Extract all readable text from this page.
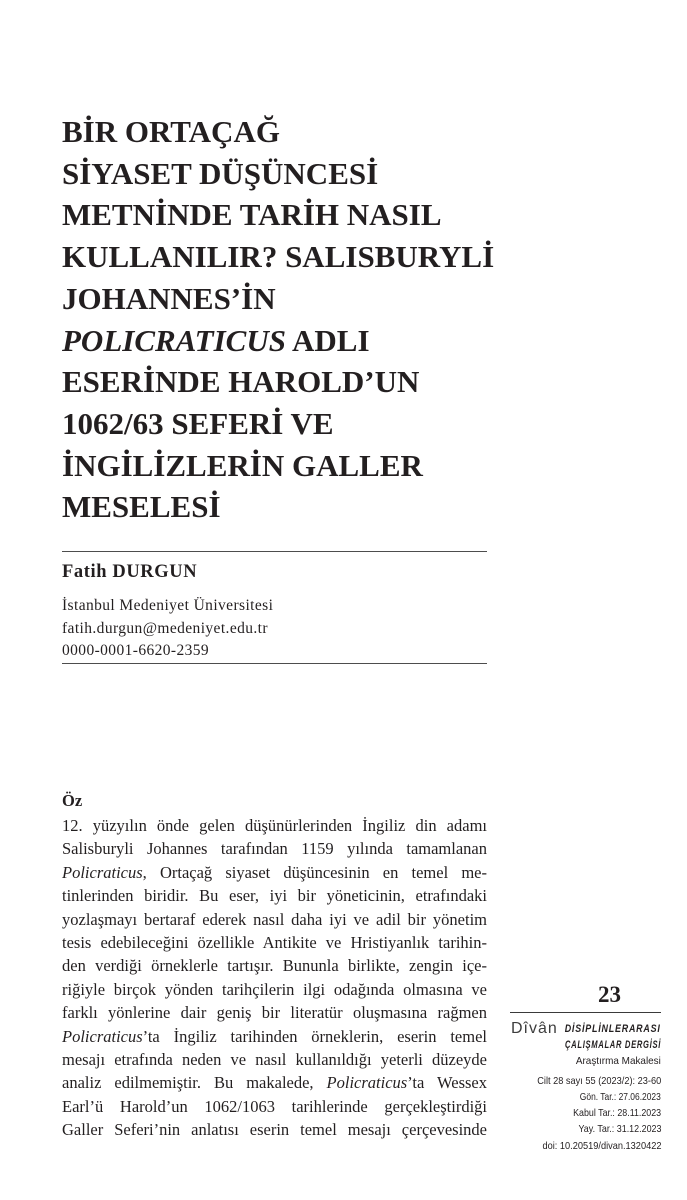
BİR ORTAÇAĞ
SİYASET DÜŞÜNCESİ
METNİNDE TARİH NASIL
KULLANILIR? SALISBURYLİ
JOHANNES’İN
POLICRATICUS ADLI
ESERİNDE HAROLD’UN
1062/63 SEFERİ VE
İNGİLİZLERİN GALLER
MESELESİ
Fatih DURGUN
İstanbul Medeniyet Üniversitesi
fatih.durgun@medeniyet.edu.tr
0000-0001-6620-2359
Öz
12. yüzyılın önde gelen düşünürlerinden İngiliz din adamı
Salisburyli Johannes tarafından 1159 yılında tamamlanan
Policraticus, Ortaçağ siyaset düşüncesinin en temel me-
tinlerinden biridir. Bu eser, iyi bir yöneticinin, etrafındaki
yozlaşmayı bertaraf ederek nasıl daha iyi ve adil bir yönetim
tesis edebileceğini özellikle Antikite ve Hristiyanlık tarihin-
den verdiği örneklerle tartışır. Bununla birlikte, zengin içe-
riğiyle birçok yönden tarihçilerin ilgi odağında olmasına ve
farklı yönlerine dair geniş bir literatür oluşmasına rağmen
Policraticus’ta İngiliz tarihinden örneklerin, eserin temel
mesajı etrafında neden ve nasıl kullanıldığı yeterli düzeyde
analiz edilmemiştir. Bu makalede, Policraticus’ta Wessex
Earl’ü Harold’un 1062/1063 tarihlerinde gerçekleştirdiği
Galler Seferi’nin anlatısı eserin temel mesajı çerçevesinde
23
Dîvân DİSİPLİNLERARASI
ÇALIŞMALAR DERGİSİ
Araştırma Makalesi
Cilt 28 sayı 55 (2023/2): 23-60
Gön. Tar.: 27.06.2023
Kabul Tar.: 28.11.2023
Yay. Tar.: 31.12.2023
doi: 10.20519/divan.1320422
